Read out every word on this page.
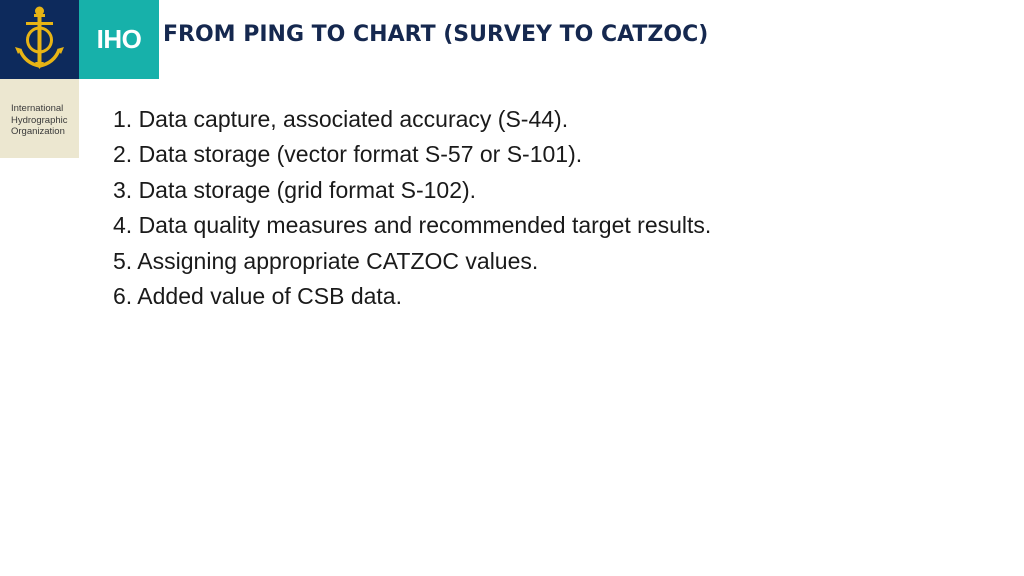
IHO
International
Hydrographic
Organization
FROM PING TO CHART (SURVEY TO CATZOC)
1. Data capture, associated accuracy (S-44).
2. Data storage (vector format S-57 or S-101).
3. Data storage (grid format S-102).
4. Data quality measures and recommended target results.
5. Assigning appropriate CATZOC values.
6. Added value of CSB data.
